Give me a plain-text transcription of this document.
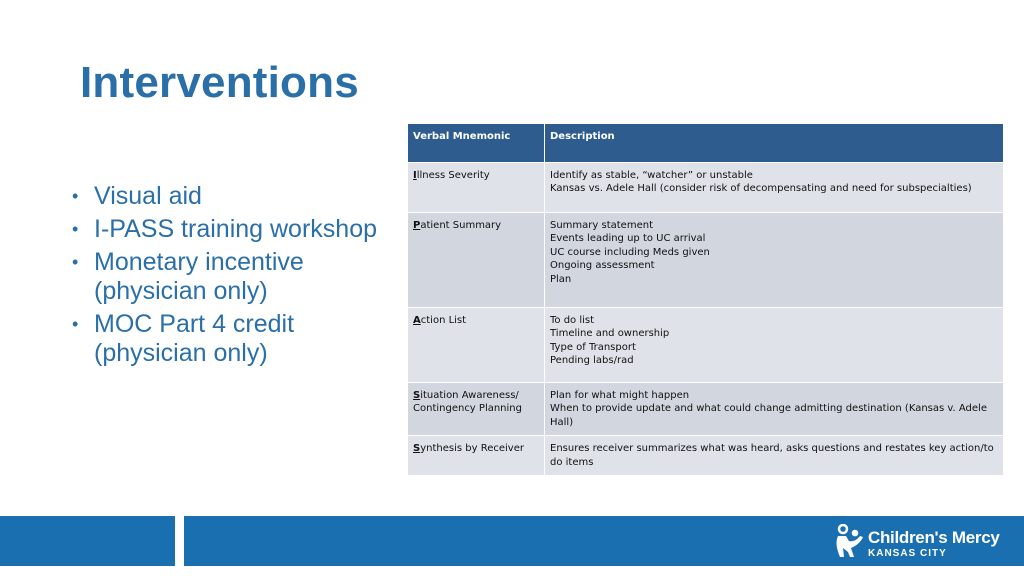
Interventions
• Visual aid
• I-PASS training workshop
• Monetary incentive
(physician only)
• MOC Part 4 credit
(physician only)
Verbal Mnemonic	Description
Illness Severity	Identify as stable, “watcher” or unstable
Kansas vs. Adele Hall (consider risk of decompensating and need for subspecialties)

Patient Summary	Summary statement
Events leading up to UC arrival
UC course including Meds given
Ongoing assessment
Plan

Action List	To do list
Timeline and ownership
Type of Transport
Pending labs/rad

Situation Awareness/
Contingency Planning	Plan for what might happen
When to provide update and what could change admitting destination (Kansas v. Adele Hall)

Synthesis by Receiver	Ensures receiver summarizes what was heard, asks questions and restates key action/to do items
Children's Mercy
KANSAS CITY
